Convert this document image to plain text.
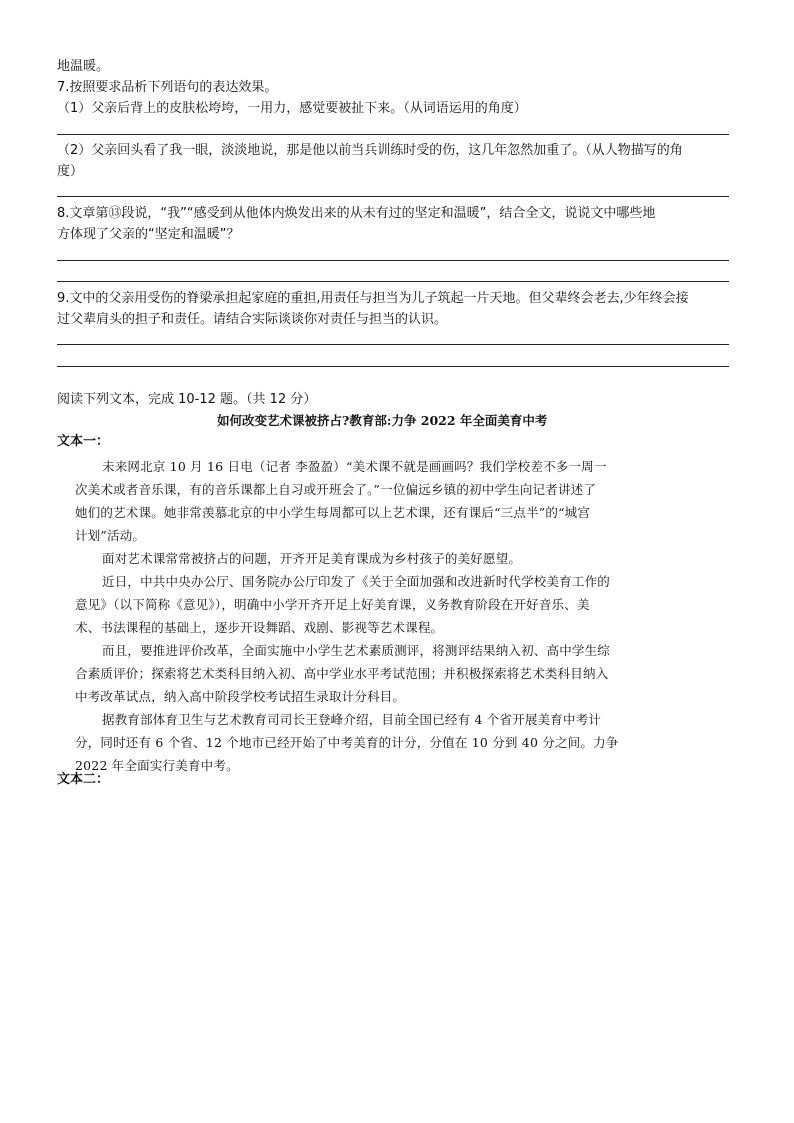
地温暖。
7.按照要求品析下列语句的表达效果。
（1）父亲后背上的皮肤松垮垮，一用力，感觉要被扯下来。（从词语运用的角度）
（2）父亲回头看了我一眼，淡淡地说，那是他以前当兵训练时受的伤，这几年忽然加重了。（从人物描写的角
度）
8.文章第⑬段说，“我”“感受到从他体内焕发出来的从未有过的坚定和温暖”，结合全文，说说文中哪些地
方体现了父亲的“坚定和温暖”？
9.文中的父亲用受伤的脊梁承担起家庭的重担,用责任与担当为儿子筑起一片天地。但父辈终会老去,少年终会接
过父辈肩头的担子和责任。请结合实际谈谈你对责任与担当的认识。
阅读下列文本，完成 10-12 题。（共 12 分）
如何改变艺术课被挤占?教育部:力争 2022 年全面美育中考
文本一：
未来网北京 10 月 16 日电（记者 李盈盈）“美术课不就是画画吗？我们学校差不多一周一
次美术或者音乐课，有的音乐课都上自习或开班会了。”一位偏远乡镇的初中学生向记者讲述了
她们的艺术课。她非常羡慕北京的中小学生每周都可以上艺术课，还有课后“三点半”的“城宫
计划”活动。
面对艺术课常常被挤占的问题，开齐开足美育课成为乡村孩子的美好愿望。
近日，中共中央办公厅、国务院办公厅印发了《关于全面加强和改进新时代学校美育工作的
意见》（以下简称《意见》），明确中小学开齐开足上好美育课，义务教育阶段在开好音乐、美
术、书法课程的基础上，逐步开设舞蹈、戏剧、影视等艺术课程。
而且，要推进评价改革，全面实施中小学生艺术素质测评，将测评结果纳入初、高中学生综
合素质评价；探索将艺术类科目纳入初、高中学业水平考试范围；并积极探索将艺术类科目纳入
中考改革试点，纳入高中阶段学校考试招生录取计分科目。
据教育部体育卫生与艺术教育司司长王登峰介绍，目前全国已经有 4 个省开展美育中考计
分，同时还有 6 个省、12 个地市已经开始了中考美育的计分，分值在 10 分到 40 分之间。力争
2022 年全面实行美育中考。
文本二：
